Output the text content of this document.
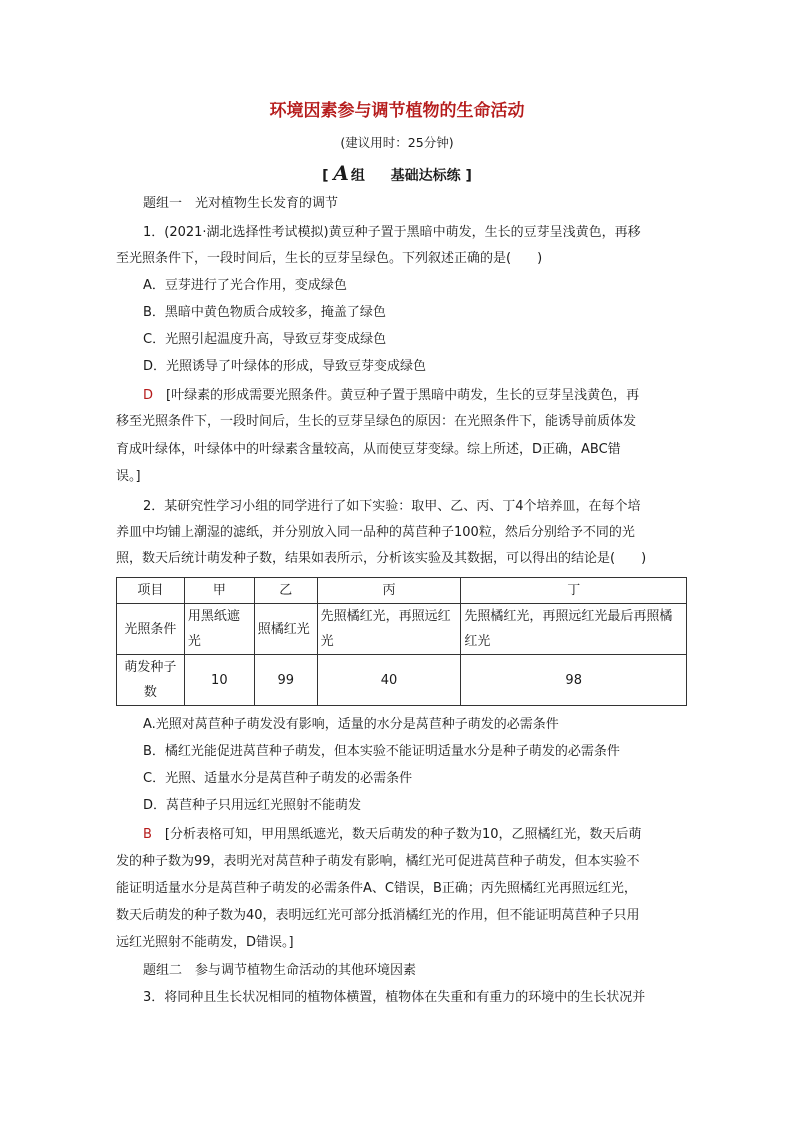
环境因素参与调节植物的生命活动
(建议用时：25分钟)
[ A 组 基础达标练 ]
题组一　光对植物生长发育的调节
1．(2021·湖北选择性考试模拟)黄豆种子置于黑暗中萌发，生长的豆芽呈浅黄色，再移
至光照条件下，一段时间后，生长的豆芽呈绿色。下列叙述正确的是(　　)
A．豆芽进行了光合作用，变成绿色
B．黑暗中黄色物质合成较多，掩盖了绿色
C．光照引起温度升高，导致豆芽变成绿色
D．光照诱导了叶绿体的形成，导致豆芽变成绿色
D　[叶绿素的形成需要光照条件。黄豆种子置于黑暗中萌发，生长的豆芽呈浅黄色，再
移至光照条件下，一段时间后，生长的豆芽呈绿色的原因：在光照条件下，能诱导前质体发
育成叶绿体，叶绿体中的叶绿素含量较高，从而使豆芽变绿。综上所述，D正确，ABC错
误。]
2．某研究性学习小组的同学进行了如下实验：取甲、乙、丙、丁4个培养皿，在每个培
养皿中均铺上潮湿的滤纸，并分别放入同一品种的莴苣种子100粒，然后分别给予不同的光
照，数天后统计萌发种子数，结果如表所示，分析该实验及其数据，可以得出的结论是(　　)
项目	甲	乙	丙	丁
光照条件	用黑纸遮光	照橘红光	先照橘红光，再照远红光	先照橘红光，再照远红光最后再照橘红光
萌发种子数	10	99	40	98
A.光照对莴苣种子萌发没有影响，适量的水分是莴苣种子萌发的必需条件
B．橘红光能促进莴苣种子萌发，但本实验不能证明适量水分是种子萌发的必需条件
C．光照、适量水分是莴苣种子萌发的必需条件
D．莴苣种子只用远红光照射不能萌发
B　[分析表格可知，甲用黑纸遮光，数天后萌发的种子数为10，乙照橘红光，数天后萌
发的种子数为99，表明光对莴苣种子萌发有影响，橘红光可促进莴苣种子萌发，但本实验不
能证明适量水分是莴苣种子萌发的必需条件A、C错误，B正确；丙先照橘红光再照远红光，
数天后萌发的种子数为40，表明远红光可部分抵消橘红光的作用，但不能证明莴苣种子只用
远红光照射不能萌发，D错误。]
题组二　参与调节植物生命活动的其他环境因素
3．将同种且生长状况相同的植物体横置，植物体在失重和有重力的环境中的生长状况并
